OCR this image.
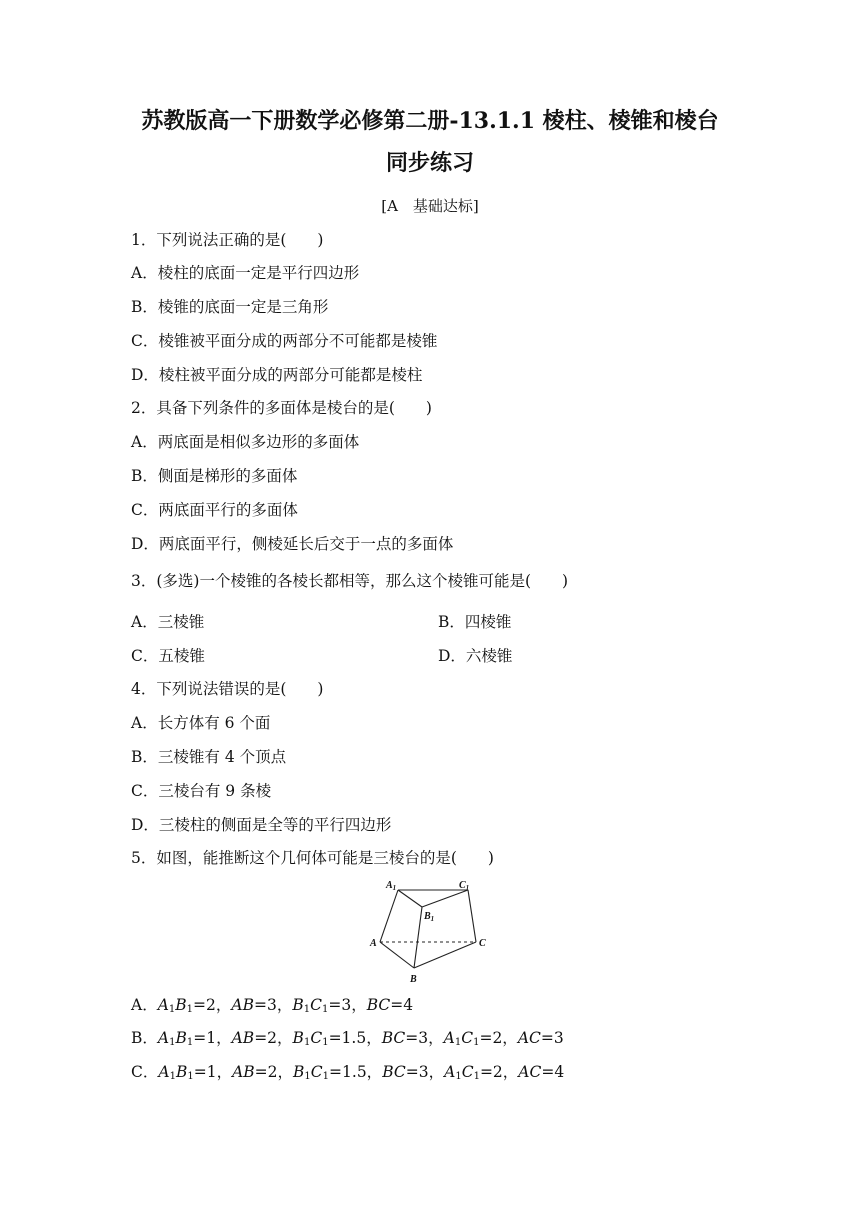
苏教版高一下册数学必修第二册-13.1.1 棱柱、棱锥和棱台
同步练习
[A　基础达标]
1．下列说法正确的是(　　)
A．棱柱的底面一定是平行四边形
B．棱锥的底面一定是三角形
C．棱锥被平面分成的两部分不可能都是棱锥
D．棱柱被平面分成的两部分可能都是棱柱
2．具备下列条件的多面体是棱台的是(　　)
A．两底面是相似多边形的多面体
B．侧面是梯形的多面体
C．两底面平行的多面体
D．两底面平行，侧棱延长后交于一点的多面体
3．(多选)一个棱锥的各棱长都相等，那么这个棱锥可能是(　　)
A．三棱锥	B．四棱锥
C．五棱锥	D．六棱锥
4．下列说法错误的是(　　)
A．长方体有 6 个面
B．三棱锥有 4 个顶点
C．三棱台有 9 条棱
D．三棱柱的侧面是全等的平行四边形
5．如图，能推断这个几何体可能是三棱台的是(　　)
$A_1$	$C_1$
$B_1$
A	C
B
A．$A_1B_1=2$，AB=3，$B_1C_1=3$，BC=4
B．$A_1B_1=1$，AB=2，$B_1C_1=1.5$，BC=3，$A_1C_1=2$，AC=3
C．$A_1B_1=1$，AB=2，$B_1C_1=1.5$，BC=3，$A_1C_1=2$，AC=4
